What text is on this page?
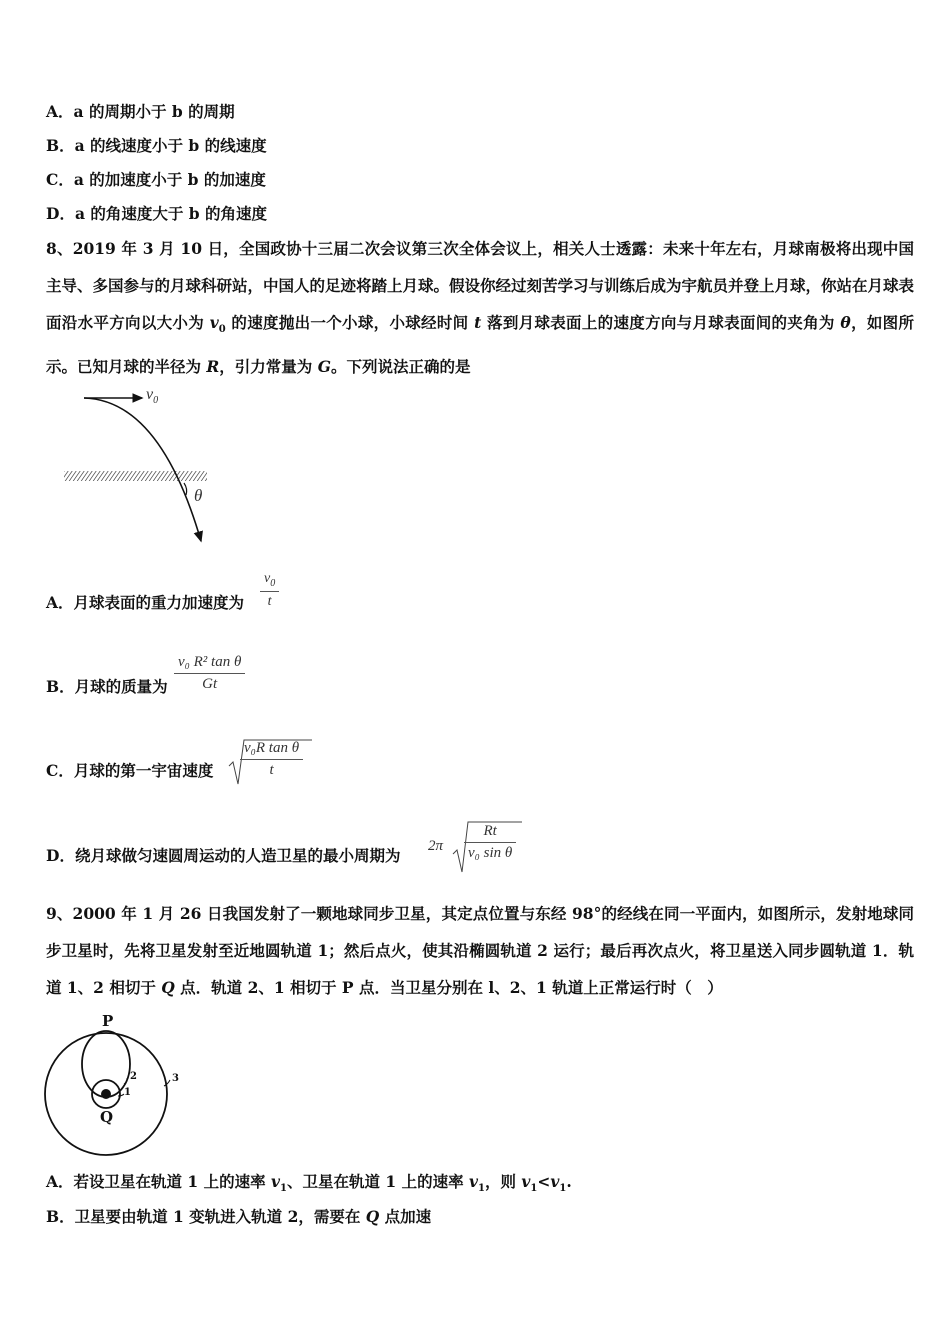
A．a 的周期小于 b 的周期
B．a 的线速度小于 b 的线速度
C．a 的加速度小于 b 的加速度
D．a 的角速度大于 b 的角速度
8、2019 年 3 月 10 日，全国政协十三届二次会议第三次全体会议上，相关人士透露：未来十年左右，月球南极将出现中国主导、多国参与的月球科研站，中国人的足迹将踏上月球。假设你经过刻苦学习与训练后成为宇航员并登上月球，你站在月球表面沿水平方向以大小为 $v_0$ 的速度抛出一个小球，小球经时间 t 落到月球表面上的速度方向与月球表面间的夹角为 θ，如图所示。已知月球的半径为 R，引力常量为 G。下列说法正确的是
$v_0$
θ
A．月球表面的重力加速度为 $\frac{v_0}{t}$
B．月球的质量为 $\frac{\text{v₀ R² tan θ}}{Gt}$
C．月球的第一宇宙速度 $\frac{\text{v₀R tan θ}}{t}$
D．绕月球做匀速圆周运动的人造卫星的最小周期为 $2\pi \frac{Rt}{\text{v₀ sin θ}}$
9、2000 年 1 月 26 日我国发射了一颗地球同步卫星，其定点位置与东经 98°的经线在同一平面内，如图所示，发射地球同步卫星时，先将卫星发射至近地圆轨道 1；然后点火，使其沿椭圆轨道 2 运行；最后再次点火，将卫星送入同步圆轨道 1．轨道 1、2 相切于 Q 点．轨道 2、1 相切于 P 点．当卫星分别在 l、2、1 轨道上正常运行时（　）
P
Q
2
1
3
A．若设卫星在轨道 1 上的速率 $v_1$、卫星在轨道 1 上的速率 $v_1$，则 $v_1<v_1$.
B．卫星要由轨道 1 变轨进入轨道 2，需要在 Q 点加速
